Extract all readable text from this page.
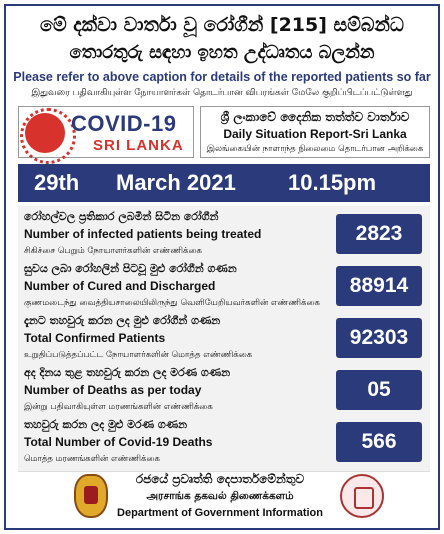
මේ දක්වා වාර්තා වූ රෝගීන් [215] සම්බන්ධ
තොරතුරු සඳහා ඉහත උද්ධෘතය බලන්න
Please refer to above caption for details of the reported patients so far
இதுவரை பதிவாகியுள்ள நோயாளர்கள் தொடர்பான விபரங்கள் மேலே குறிப்பிடப்பட்டுள்ளது
COVID-19
SRI LANKA
ශ්‍රී ලංකාවේ දෛනික තත්ත්ව වාර්තාව
Daily Situation Report-Sri Lanka
இலங்கையின் நாளாந்த நிலைமை தொடர்பான அறிக்கை
29th March 2021 10.15pm
රෝහල්වල ප්‍රතිකාර ලබමින් සිටින රෝගීන්
Number of infected patients being treated
சிகிச்சை பெறும் நோயாளர்களின் எண்ணிக்கை
2823
සුවය ලබා රෝහලින් පිටවූ මුළු රෝගීන් ගණන
Number of Cured and Discharged
குணமடைந்து வைத்தியசாலையிலிருந்து வெளியேறியவர்களின் எண்ணிக்கை
88914
දැනට තහවුරු කරන ලද මුළු රෝගීන් ගණන
Total Confirmed Patients
உறுதிப்படுத்தப்பட்ட நோயாளர்களின் மொத்த எண்ணிக்கை
92303
අද දිනය තුළ තහවුරු කරන ලද මරණ ගණන
Number of Deaths as per today
இன்று பதிவாகியுள்ள மரணங்களின் எண்ணிக்கை
05
තහවුරු කරන ලද මුළු මරණ ගණන
Total Number of Covid-19 Deaths
மொத்த மரணங்களின் எண்ணிக்கை
566
රජයේ ප්‍රවෘත්ති දෙපාර්තමේන්තුව
அரசாங்க தகவல் திணைக்களம்
Department of Government Information
